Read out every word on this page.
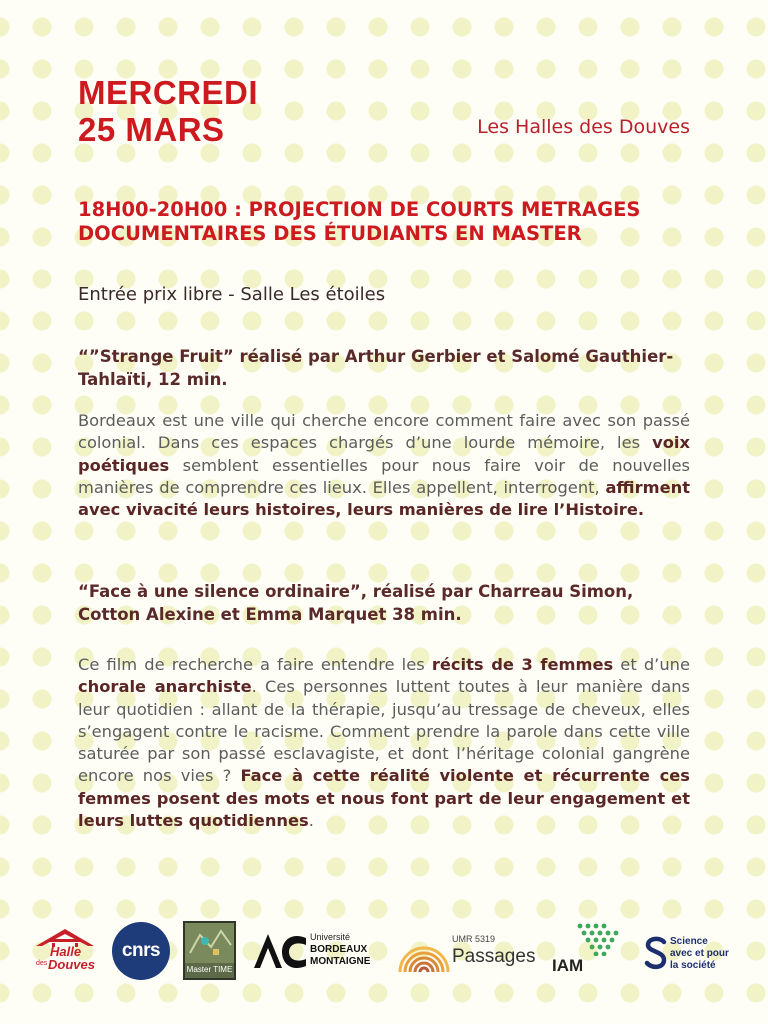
MERCREDI
25 MARS	Les Halles des Douves
18H00-20H00 : PROJECTION DE COURTS METRAGES DOCUMENTAIRES DES ÉTUDIANTS EN MASTER
Entrée prix libre - Salle Les étoiles
“”Strange Fruit” réalisé par Arthur Gerbier et Salomé Gauthier-Tahlaïti, 12 min.
Bordeaux est une ville qui cherche encore comment faire avec son passé colonial. Dans ces espaces chargés d’une lourde mémoire, les voix poétiques semblent essentielles pour nous faire voir de nouvelles manières de comprendre ces lieux. Elles appellent, interrogent, affirment avec vivacité leurs histoires, leurs manières de lire l’Histoire.
“Face à une silence ordinaire”, réalisé par Charreau Simon, Cotton Alexine et Emma Marquet 38 min.
Ce film de recherche a faire entendre les récits de 3 femmes et d’une chorale anarchiste. Ces personnes luttent toutes à leur manière dans leur quotidien : allant de la thérapie, jusqu’au tressage de cheveux, elles s’engagent contre le racisme. Comment prendre la parole dans cette ville saturée par son passé esclavagiste, et dont l’héritage colonial gangrène encore nos vies ? Face à cette réalité violente et récurrente ces femmes posent des mots et nous font part de leur engagement et leurs luttes quotidiennes.
Halle
des Douves
cnrs
Master TIME
Université
BORDEAUX
MONTAIGNE
UMR 5319
Passages IAM
Science
avec et pour
la société
